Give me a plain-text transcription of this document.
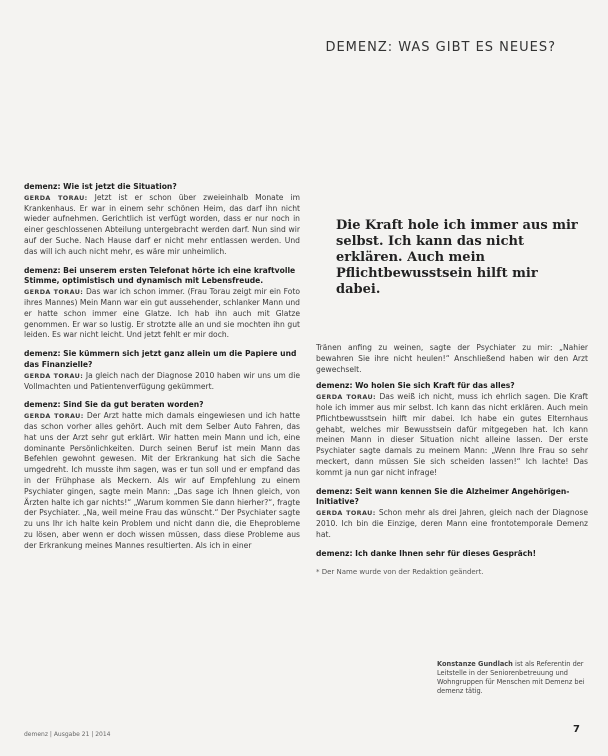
DEMENZ: WAS GIBT ES NEUES?

demenz: Wie ist jetzt die Situation?

GERDA TORAU: Jetzt ist er schon über zweieinhalb Monate im Krankenhaus. Er war in einem sehr schönen Heim, das darf ihn nicht wieder aufnehmen. Gerichtlich ist verfügt worden, dass er nur noch in einer geschlossenen Abteilung untergebracht werden darf. Nun sind wir auf der Suche. Nach Hause darf er nicht mehr entlassen werden. Und das will ich auch nicht mehr, es wäre mir unheimlich.

demenz: Bei unserem ersten Telefonat hörte ich eine kraftvolle Stimme, optimistisch und dynamisch mit Lebensfreude.

GERDA TORAU: Das war ich schon immer. (Frau Torau zeigt mir ein Foto ihres Mannes) Mein Mann war ein gut aussehender, schlanker Mann und er hatte schon immer eine Glatze. Ich hab ihn auch mit Glatze genommen. Er war so lustig. Er strotzte alle an und sie mochten ihn gut leiden. Es war nicht leicht. Und jetzt fehlt er mir doch.

demenz: Sie kümmern sich jetzt ganz allein um die Papiere und das Finanzielle?

GERDA TORAU: Ja gleich nach der Diagnose 2010 haben wir uns um die Vollmachten und Patientenverfügung gekümmert.

demenz: Sind Sie da gut beraten worden?

GERDA TORAU: Der Arzt hatte mich damals eingewiesen und ich hatte das schon vorher alles gehört. Auch mit dem Selber Auto Fahren, das hat uns der Arzt sehr gut erklärt. Wir hatten mein Mann und ich, eine dominante Persönlichkeiten. Durch seinen Beruf ist mein Mann das Befehlen gewohnt gewesen. Mit der Erkrankung hat sich die Sache umgedreht. Ich musste ihm sagen, was er tun soll und er empfand das in der Frühphase als Meckern. Als wir auf Empfehlung zu einem Psychiater gingen, sagte mein Mann: „Das sage ich Ihnen gleich, von Ärzten halte ich gar nichts!“ „Warum kommen Sie dann hierher?“, fragte der Psychiater. „Na, weil meine Frau das wünscht.“ Der Psychiater sagte zu uns Ihr ich halte kein Problem und nicht dann die, die Eheprobleme zu lösen, aber wenn er doch wissen müssen, dass diese Probleme aus der Erkrankung meines Mannes resultierten. Als ich in einer

Die Kraft hole ich immer aus mir selbst. Ich kann das nicht erklären. Auch mein Pflichtbewusstsein hilft mir dabei.

Tränen anfing zu weinen, sagte der Psychiater zu mir: „Nahier bewahren Sie ihre nicht heulen!“ Anschließend haben wir den Arzt gewechselt.

demenz: Wo holen Sie sich Kraft für das alles?

GERDA TORAU: Das weiß ich nicht, muss ich ehrlich sagen. Die Kraft hole ich immer aus mir selbst. Ich kann das nicht erklären. Auch mein Pflichtbewusstsein hilft mir dabei. Ich habe ein gutes Elternhaus gehabt, welches mir Bewusstsein dafür mitgegeben hat. Ich kann meinen Mann in dieser Situation nicht alleine lassen. Der erste Psychiater sagte damals zu meinem Mann: „Wenn Ihre Frau so sehr meckert, dann müssen Sie sich scheiden lassen!“ Ich lachte! Das kommt ja nun gar nicht infrage!

demenz: Seit wann kennen Sie die Alzheimer Angehörigen-Initiative?

GERDA TORAU: Schon mehr als drei Jahren, gleich nach der Diagnose 2010. Ich bin die Einzige, deren Mann eine frontotemporale Demenz hat.

demenz: Ich danke Ihnen sehr für dieses Gespräch!

* Der Name wurde von der Redaktion geändert.

Konstanze Gundlach ist als Referentin der Leitstelle in der Seniorenbetreuung und Wohngruppen für Menschen mit Demenz bei demenz tätig.
demenz | Ausgabe 21 | 2014	7
